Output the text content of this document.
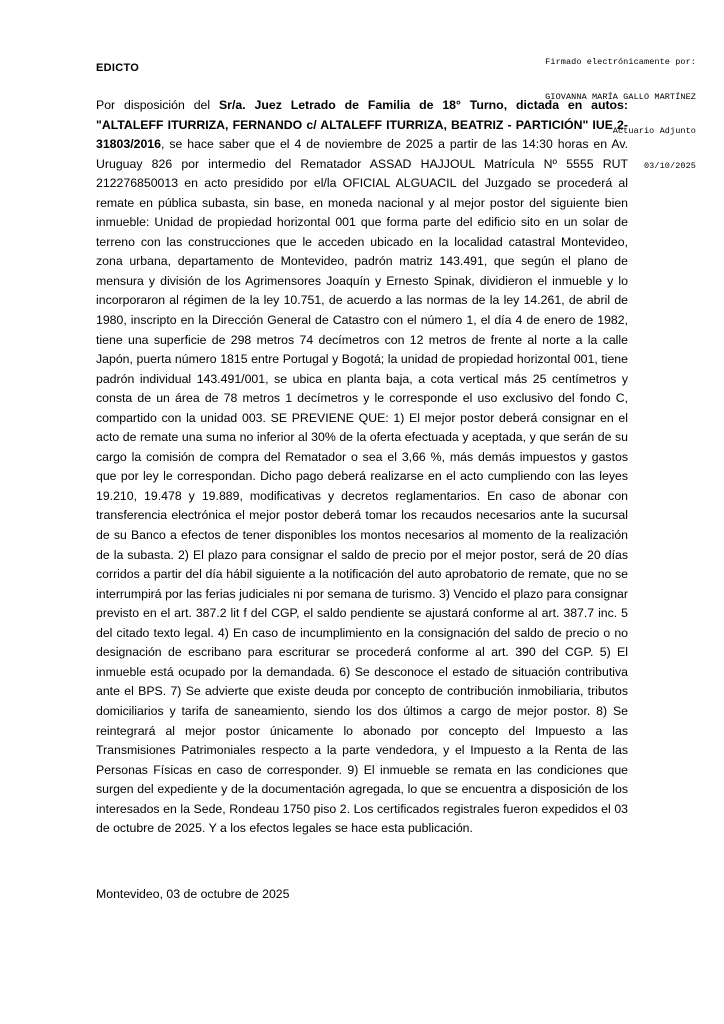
Firmado electrónicamente por:

GIOVANNA MARÍA GALLO MARTÍNEZ

Actuario Adjunto

03/10/2025

EDICTO
Por disposición del Sr/a. Juez Letrado de Familia de 18° Turno, dictada en autos: "ALTALEFF ITURRIZA, FERNANDO c/ ALTALEFF ITURRIZA, BEATRIZ - PARTICIÓN" IUE 2-31803/2016, se hace saber que el 4 de noviembre de 2025 a partir de las 14:30 horas en Av. Uruguay 826 por intermedio del Rematador ASSAD HAJJOUL Matrícula Nº 5555 RUT 212276850013 en acto presidido por el/la OFICIAL ALGUACIL del Juzgado se procederá al remate en pública subasta, sin base, en moneda nacional y al mejor postor del siguiente bien inmueble: Unidad de propiedad horizontal 001 que forma parte del edificio sito en un solar de terreno con las construcciones que le acceden ubicado en la localidad catastral Montevideo, zona urbana, departamento de Montevideo, padrón matriz 143.491, que según el plano de mensura y división de los Agrimensores Joaquín y Ernesto Spinak, dividieron el inmueble y lo incorporaron al régimen de la ley 10.751, de acuerdo a las normas de la ley 14.261, de abril de 1980, inscripto en la Dirección General de Catastro con el número 1, el día 4 de enero de 1982, tiene una superficie de 298 metros 74 decímetros con 12 metros de frente al norte a la calle Japón, puerta número 1815 entre Portugal y Bogotá; la unidad de propiedad horizontal 001, tiene padrón individual 143.491/001, se ubica en planta baja, a cota vertical más 25 centímetros y consta de un área de 78 metros 1 decímetros y le corresponde el uso exclusivo del fondo C, compartido con la unidad 003. SE PREVIENE QUE: 1) El mejor postor deberá consignar en el acto de remate una suma no inferior al 30% de la oferta efectuada y aceptada, y que serán de su cargo la comisión de compra del Rematador o sea el 3,66 %, más demás impuestos y gastos que por ley le correspondan. Dicho pago deberá realizarse en el acto cumpliendo con las leyes 19.210, 19.478 y 19.889, modificativas y decretos reglamentarios. En caso de abonar con transferencia electrónica el mejor postor deberá tomar los recaudos necesarios ante la sucursal de su Banco a efectos de tener disponibles los montos necesarios al momento de la realización de la subasta. 2) El plazo para consignar el saldo de precio por el mejor postor, será de 20 días corridos a partir del día hábil siguiente a la notificación del auto aprobatorio de remate, que no se interrumpirá por las ferias judiciales ni por semana de turismo. 3) Vencido el plazo para consignar previsto en el art. 387.2 lit f del CGP, el saldo pendiente se ajustará conforme al art. 387.7 inc. 5 del citado texto legal. 4) En caso de incumplimiento en la consignación del saldo de precio o no designación de escribano para escriturar se procederá conforme al art. 390 del CGP. 5) El inmueble está ocupado por la demandada. 6) Se desconoce el estado de situación contributiva ante el BPS. 7) Se advierte que existe deuda por concepto de contribución inmobiliaria, tributos domiciliarios y tarifa de saneamiento, siendo los dos últimos a cargo de mejor postor. 8) Se reintegrará al mejor postor únicamente lo abonado por concepto del Impuesto a las Transmisiones Patrimoniales respecto a la parte vendedora, y el Impuesto a la Renta de las Personas Físicas en caso de corresponder. 9) El inmueble se remata en las condiciones que surgen del expediente y de la documentación agregada, lo que se encuentra a disposición de los interesados en la Sede, Rondeau 1750 piso 2. Los certificados registrales fueron expedidos el 03 de octubre de 2025. Y a los efectos legales se hace esta publicación.
Montevideo, 03 de octubre de 2025
